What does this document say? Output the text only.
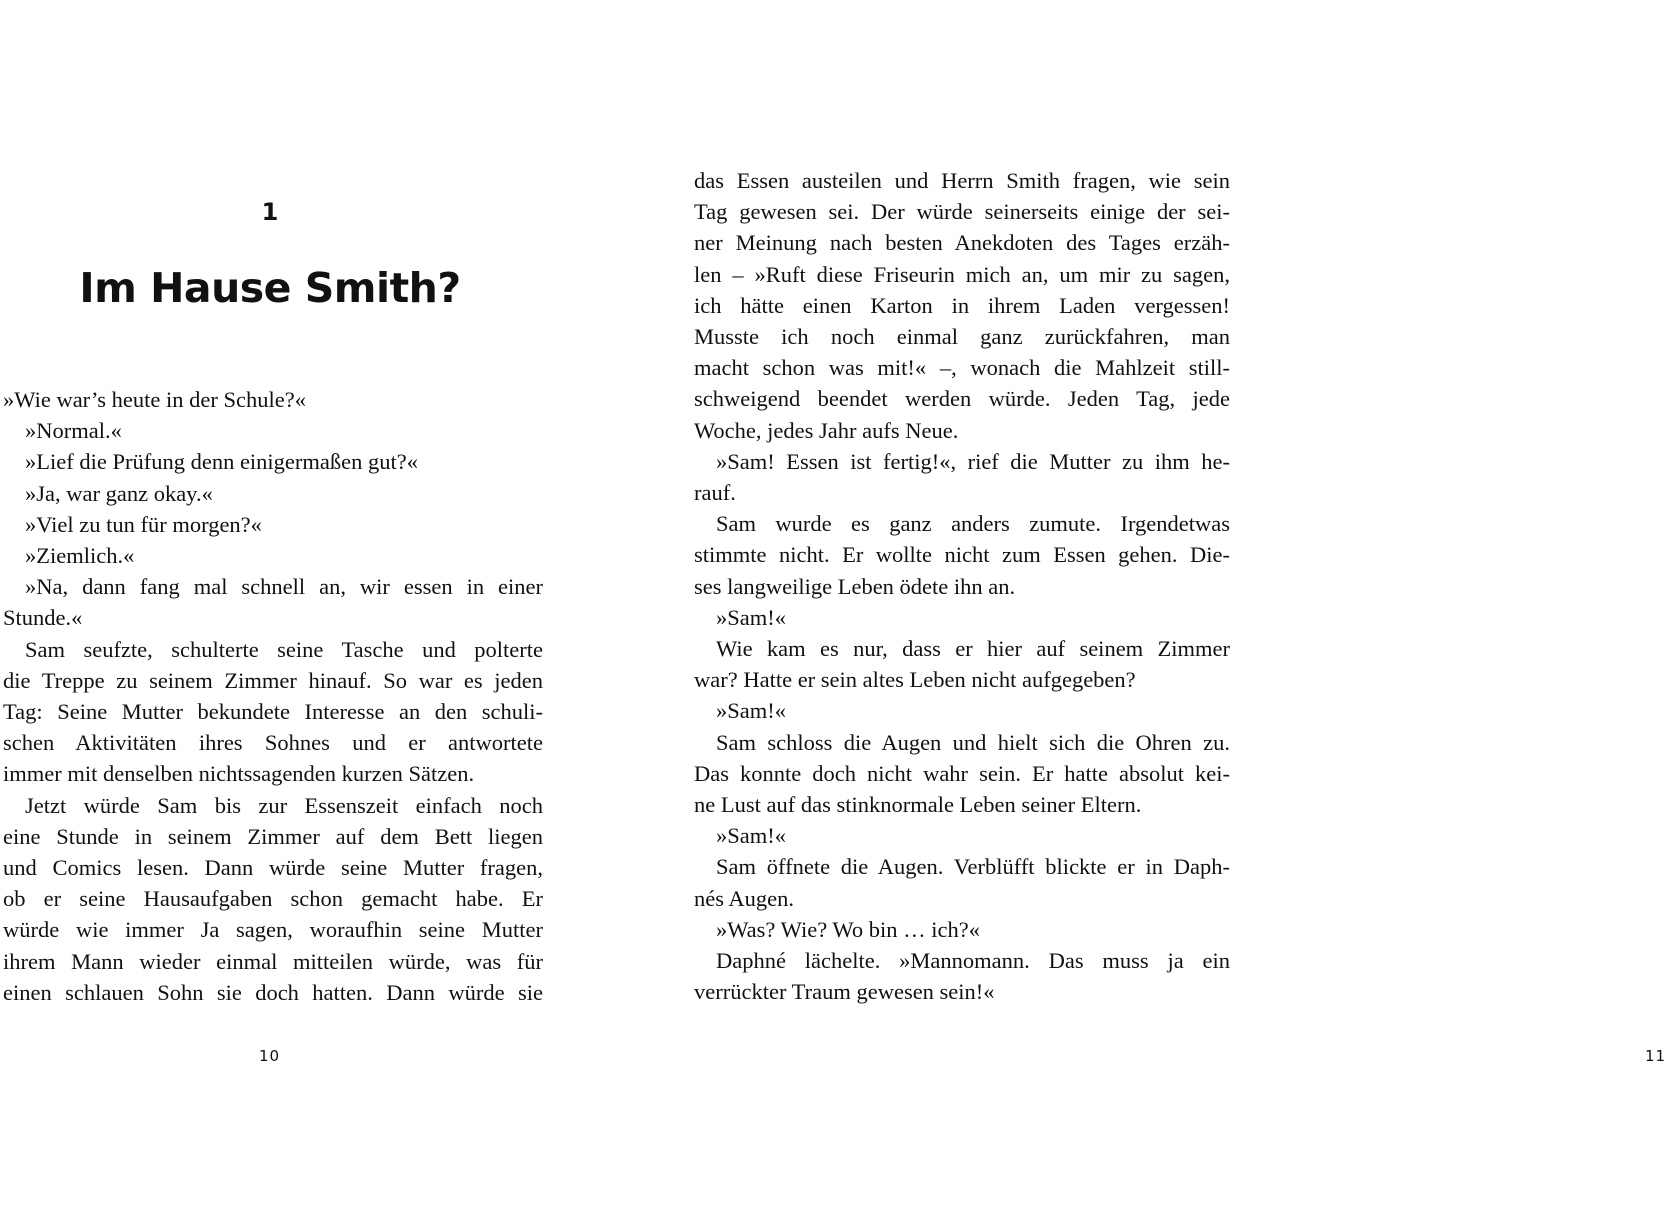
1
Im Hause Smith?
»Wie war’s heute in der Schule?«
»Normal.«
»Lief die Prüfung denn einigermaßen gut?«
»Ja, war ganz okay.«
»Viel zu tun für morgen?«
»Ziemlich.«
»Na, dann fang mal schnell an, wir essen in einer
Stunde.«
Sam seufzte, schulterte seine Tasche und polterte
die Treppe zu seinem Zimmer hinauf. So war es jeden
Tag: Seine Mutter bekundete Interesse an den schuli-
schen Aktivitäten ihres Sohnes und er antwortete
immer mit denselben nichtssagenden kurzen Sätzen.
Jetzt würde Sam bis zur Essenszeit einfach noch
eine Stunde in seinem Zimmer auf dem Bett liegen
und Comics lesen. Dann würde seine Mutter fragen,
ob er seine Hausaufgaben schon gemacht habe. Er
würde wie immer Ja sagen, woraufhin seine Mutter
ihrem Mann wieder einmal mitteilen würde, was für
einen schlauen Sohn sie doch hatten. Dann würde sie
10
das Essen austeilen und Herrn Smith fragen, wie sein
Tag gewesen sei. Der würde seinerseits einige der sei-
ner Meinung nach besten Anekdoten des Tages erzäh-
len – »Ruft diese Friseurin mich an, um mir zu sagen,
ich hätte einen Karton in ihrem Laden vergessen!
Musste ich noch einmal ganz zurückfahren, man
macht schon was mit!« –, wonach die Mahlzeit still-
schweigend beendet werden würde. Jeden Tag, jede
Woche, jedes Jahr aufs Neue.
»Sam! Essen ist fertig!«, rief die Mutter zu ihm he-
rauf.
Sam wurde es ganz anders zumute. Irgendetwas
stimmte nicht. Er wollte nicht zum Essen gehen. Die-
ses langweilige Leben ödete ihn an.
»Sam!«
Wie kam es nur, dass er hier auf seinem Zimmer
war? Hatte er sein altes Leben nicht aufgegeben?
»Sam!«
Sam schloss die Augen und hielt sich die Ohren zu.
Das konnte doch nicht wahr sein. Er hatte absolut kei-
ne Lust auf das stinknormale Leben seiner Eltern.
»Sam!«
Sam öffnete die Augen. Verblüfft blickte er in Daph-
nés Augen.
»Was? Wie? Wo bin … ich?«
Daphné lächelte. »Mannomann. Das muss ja ein
verrückter Traum gewesen sein!«
11
